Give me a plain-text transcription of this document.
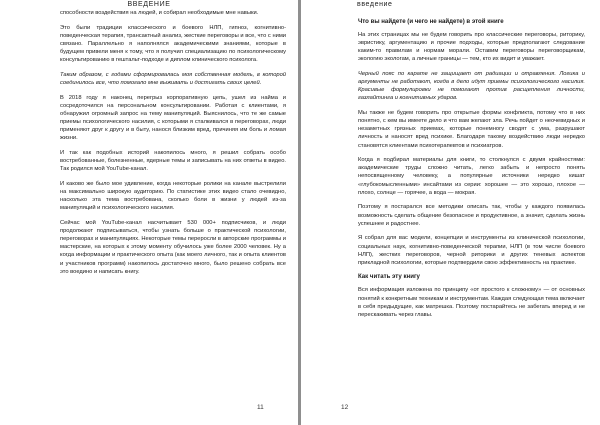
ВВЕДЕНИЕ

способности воздействия на людей, и собирал необходимые мне навыки.

Это были традиции классического и боевого НЛП, гипноз, когнитивно-поведенческая терапия, трансактный анализ, жесткие переговоры и все, что с ними связано. Параллельно я наполнялся академическими знаниями, которые в будущем привели меня к тому, что я получил специализацию по психологическому консультированию в гештальт-подходе и диплом клинического психолога.

Таким образом, с годами сформировалась моя собственная модель, в которой соединилось все, что помогало мне выживать и достигать своих целей.

В 2018 году я наконец перегрыз корпоративную цепь, ушел из найма и сосредоточился на персональном консультировании. Работая с клиентами, я обнаружил огромный запрос на тему манипуляций. Выяснилось, что те же самые приемы психологического насилия, с которыми я сталкивался в переговорах, люди применяют друг к другу и в быту, нанося близким вред, причиняя им боль и ломая жизни.

И так как подобных историй накопилось много, я решил собрать особо востребованные, болезненные, ядерные темы и записывать на них ответы в видео. Так родился мой YouTube-канал.

И каково же было мое удивление, когда некоторые ролики на канале выстрелили на максимально широкую аудиторию. По статистике этих видео стало очевидно, насколько эта тема востребована, сколько боли в жизни у людей из-за манипуляций и психологического насилия.

Сейчас мой YouTube-канал насчитывает 530 000+ подписчиков, и люди продолжают подписываться, чтобы узнать больше о практической психологии, переговорах и манипуляциях. Некоторые темы перероcли в авторские программы и мастерские, на которых к этому моменту обучилось уже более 2000 человек. Ну а когда информации и практического опыта (как моего личного, так и опыта клиентов и участников программ) накопилось достаточно много, было решено собрать все это воедино и написать книгу.

11
введение
Что вы найдете (и чего не найдете) в этой книге

На этих страницах мы не будем говорить про классические переговоры, риторику, эвристику, аргументацию и прочие подходы, которые предполагают следование каким-то правилам и нормам морали. Оставим переговоры переговорщикам, экологию экологам, а личные границы — тем, кто их видит и уважает.

Черный пояс по карате не защищает от радиации и отравления. Логика и аргументы не работают, когда в дело идут приемы психологического насилия. Красивые формулировки не помогают против расщепления личности, газлайтинга и когнитивных ударов.

Мы также не будем говорить про открытые формы конфликта, потому что в них понятно, с кем вы имеете дело и что вам желают зла. Речь пойдет о неочевидных и незаметных грязных приемах, которые понемногу сводят с ума, разрушают личность и наносят вред психике. Благодаря такому воздействию люди нередко становятся клиентами психотерапевтов и психиатров.

Когда я подбирал материалы для книги, то столкнулся с двумя крайностями: академические труды сложно читать, легко забыть и непросто понять непосвященному человеку, а популярные источники нередко кишат «глубокомысленными» инсайтами из серии: хорошее — это хорошо, плохое — плохо, солнце — горячее, а вода — мокрая.

Поэтому я постарался все методики описать так, чтобы у каждого появилась возможность сделать общение безопасное и продуктивное, а значит, сделать жизнь успешнее и радостнее.

Я собрал для вас модели, концепции и инструменты из клинической психологии, социальных наук, когнитивно-поведенческой терапии, НЛП (в том числе боевого НЛП), жестких переговоров, черной риторики и других теневых аспектов прикладной психологии, которые подтвердили свою эффективность на практике.

Как читать эту книгу

Вся информация изложена по принципу «от простого к сложному» — от основных понятий к конкретным техникам и инструментам. Каждая следующая тема включает в себя предыдущие, как матрешка. Поэтому постарайтесь не забегать вперед и не перескакивать через главы.

12
